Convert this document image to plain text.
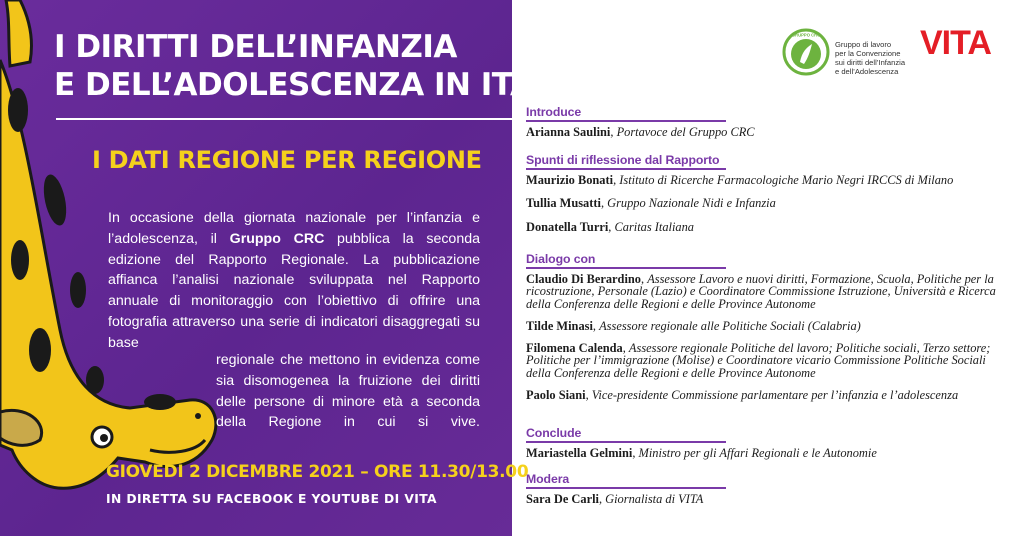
I DIRITTI DELL’INFANZIA
E DELL’ADOLESCENZA IN ITALIA:
I DATI REGIONE PER REGIONE

In occasione della giornata nazionale per l’infanzia e l’adolescenza, il Gruppo CRC pubblica la seconda edizione del Rapporto Regionale. La pubblicazione affianca l’analisi nazionale sviluppata nel Rapporto annuale di monitoraggio con l’obiettivo di offrire una fotografia attraverso una serie di indicatori disaggregati su base

regionale che mettono in evidenza come sia disomogenea la fruizione dei diritti delle persone di minore età a seconda della Regione in cui si vive.

GIOVEDÌ 2 DICEMBRE 2021 – ORE 11.30/13.00
IN DIRETTA SU FACEBOOK E YOUTUBE DI VITA
GRUPPO CRC
Gruppo di lavoro
per la Convenzione
sui diritti dell’Infanzia
e dell’Adolescenza
VITA
Introduce
Arianna Saulini, Portavoce del Gruppo CRC
Spunti di riflessione dal Rapporto
Maurizio Bonati, Istituto di Ricerche Farmacologiche Mario Negri IRCCS di Milano
Tullia Musatti, Gruppo Nazionale Nidi e Infanzia
Donatella Turri, Caritas Italiana
Dialogo con
Claudio Di Berardino, Assessore Lavoro e nuovi diritti, Formazione, Scuola, Politiche per la ricostruzione, Personale (Lazio) e Coordinatore Commissione Istruzione, Università e Ricerca della Conferenza delle Regioni e delle Province Autonome
Tilde Minasi, Assessore regionale alle Politiche Sociali (Calabria)
Filomena Calenda, Assessore regionale Politiche del lavoro; Politiche sociali, Terzo settore; Politiche per l’immigrazione (Molise) e Coordinatore vicario Commissione Politiche Sociali della Conferenza delle Regioni e delle Province Autonome
Paolo Siani, Vice-presidente Commissione parlamentare per l’infanzia e l’adolescenza
Conclude
Mariastella Gelmini, Ministro per gli Affari Regionali e le Autonomie
Modera
Sara De Carli, Giornalista di VITA
